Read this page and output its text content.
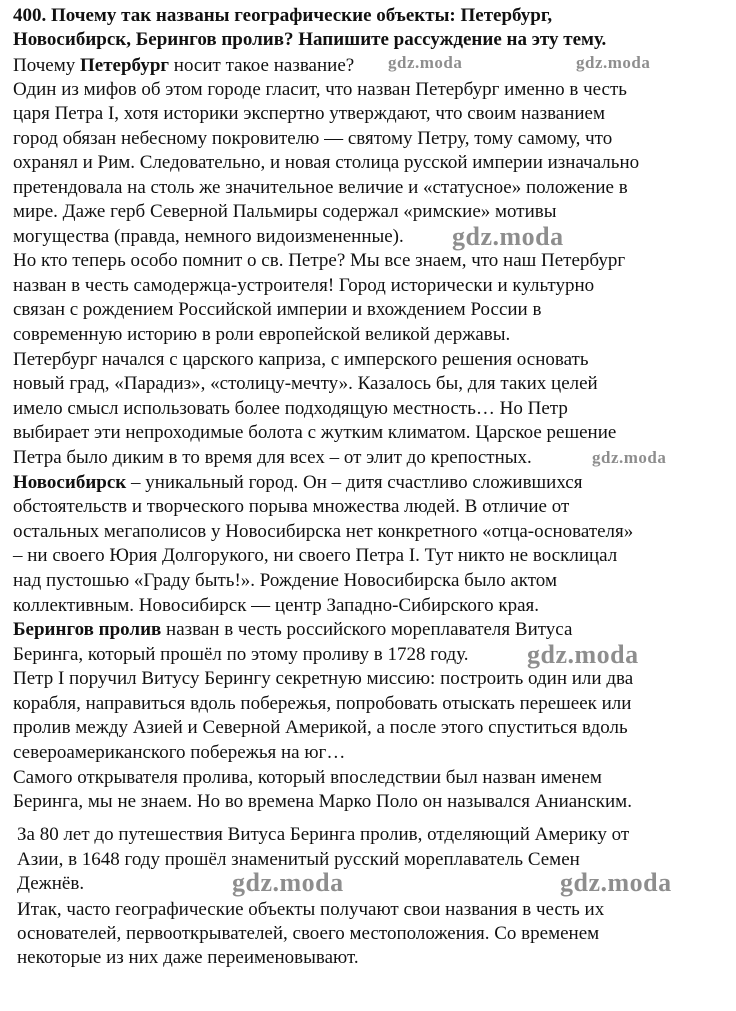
400. Почему так названы географические объекты: Петербург,
Новосибирск, Берингов пролив? Напишите рассуждение на эту тему.
Почему Петербург носит такое название?
Один из мифов об этом городе гласит, что назван Петербург именно в честь
царя Петра I, хотя историки экспертно утверждают, что своим названием
город обязан небесному покровителю — святому Петру, тому самому, что
охранял и Рим. Следовательно, и новая столица русской империи изначально
претендовала на столь же значительное величие и «статусное» положение в
мире. Даже герб Северной Пальмиры содержал «римские» мотивы
могущества (правда, немного видоизмененные).
Но кто теперь особо помнит о св. Петре? Мы все знаем, что наш Петербург
назван в честь самодержца-устроителя! Город исторически и культурно
связан с рождением Российской империи и вхождением России в
современную историю в роли европейской великой державы.
Петербург начался с царского каприза, с имперского решения основать
новый град, «Парадиз», «столицу-мечту». Казалось бы, для таких целей
имело смысл использовать более подходящую местность… Но Петр
выбирает эти непроходимые болота с жутким климатом. Царское решение
Петра было диким в то время для всех – от элит до крепостных.
Новосибирск – уникальный город. Он – дитя счастливо сложившихся
обстоятельств и творческого порыва множества людей. В отличие от
остальных мегаполисов у Новосибирска нет конкретного «отца-основателя»
– ни своего Юрия Долгорукого, ни своего Петра I. Тут никто не восклицал
над пустошью «Граду быть!». Рождение Новосибирска было актом
коллективным. Новосибирск — центр Западно-Сибирского края.
Берингов пролив назван в честь российского мореплавателя Витуса
Беринга, который прошёл по этому проливу в 1728 году.
Петр I поручил Витусу Берингу секретную миссию: построить один или два
корабля, направиться вдоль побережья, попробовать отыскать перешеек или
пролив между Азией и Северной Америкой, а после этого спуститься вдоль
североамериканского побережья на юг…
Самого открывателя пролива, который впоследствии был назван именем
Беринга, мы не знаем. Но во времена Марко Поло он назывался Анианским.
За 80 лет до путешествия Витуса Беринга пролив, отделяющий Америку от
Азии, в 1648 году прошёл знаменитый русский мореплаватель Семен
Дежнёв.
Итак, часто географические объекты получают свои названия в честь их
основателей, первооткрывателей, своего местоположения. Со временем
некоторые из них даже переименовывают.
gdz.moda	gdz.moda
gdz.moda
gdz.moda
gdz.moda
gdz.moda	gdz.moda
